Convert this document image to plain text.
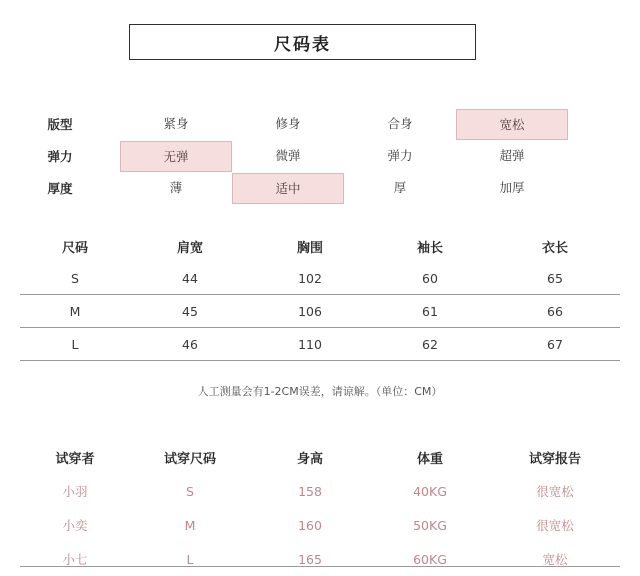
尺码表
版型	紧身	修身	合身	宽松
弹力	无弹	微弹	弹力	超弹
厚度	薄	适中	厚	加厚
尺码	肩宽	胸围	袖长	衣长
S	44	102	60	65
M	45	106	61	66
L	46	110	62	67
人工测量会有1-2CM误差，请谅解。（单位：CM）
试穿者	试穿尺码	身高	体重	试穿报告
小羽	S	158	40KG	很宽松
小奕	M	160	50KG	很宽松
小七	L	165	60KG	宽松
